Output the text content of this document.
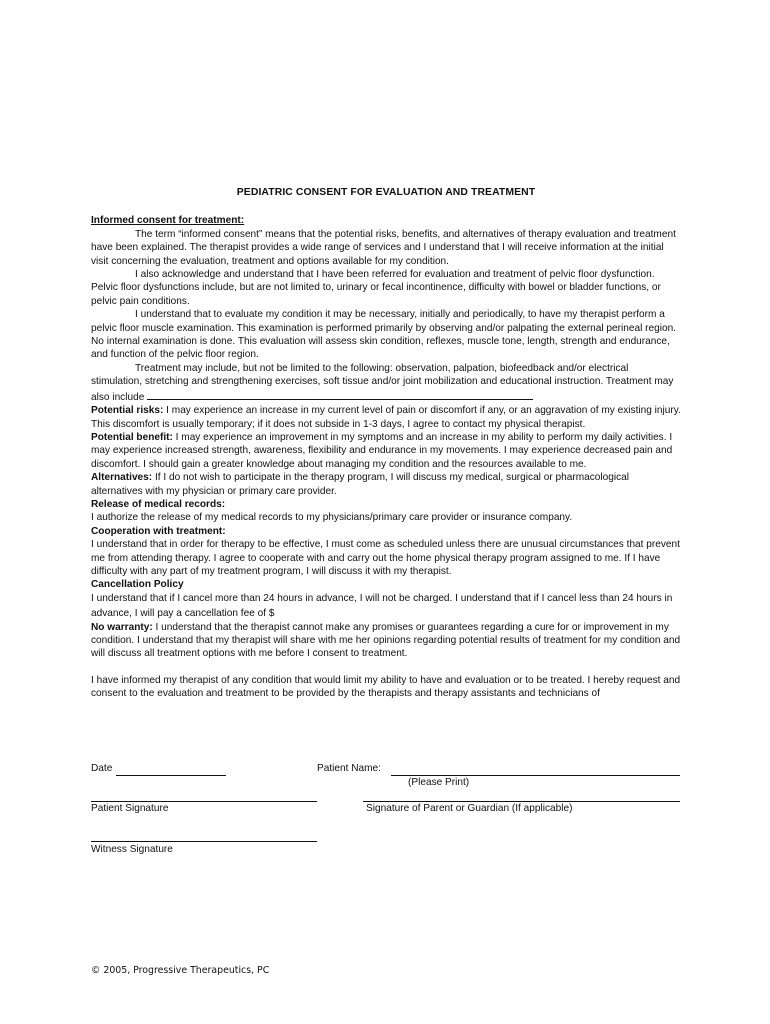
PEDIATRIC CONSENT FOR EVALUATION AND TREATMENT

Informed consent for treatment:

The term “informed consent” means that the potential risks, benefits, and alternatives of therapy evaluation and treatment have been explained. The therapist provides a wide range of services and I understand that I will receive information at the initial visit concerning the evaluation, treatment and options available for my condition.

I also acknowledge and understand that I have been referred for evaluation and treatment of pelvic floor dysfunction. Pelvic floor dysfunctions include, but are not limited to, urinary or fecal incontinence, difficulty with bowel or bladder functions, or pelvic pain conditions.

I understand that to evaluate my condition it may be necessary, initially and periodically, to have my therapist perform a pelvic floor muscle examination. This examination is performed primarily by observing and/or palpating the external perineal region. No internal examination is done. This evaluation will assess skin condition, reflexes, muscle tone, length, strength and endurance, and function of the pelvic floor region.

Treatment may include, but not be limited to the following: observation, palpation, biofeedback and/or electrical stimulation, stretching and strengthening exercises, soft tissue and/or joint mobilization and educational instruction. Treatment may also include

Potential risks: I may experience an increase in my current level of pain or discomfort if any, or an aggravation of my existing injury. This discomfort is usually temporary; if it does not subside in 1-3 days, I agree to contact my physical therapist.

Potential benefit: I may experience an improvement in my symptoms and an increase in my ability to perform my daily activities. I may experience increased strength, awareness, flexibility and endurance in my movements. I may experience decreased pain and discomfort. I should gain a greater knowledge about managing my condition and the resources available to me.

Alternatives: If I do not wish to participate in the therapy program, I will discuss my medical, surgical or pharmacological alternatives with my physician or primary care provider.

Release of medical records:

I authorize the release of my medical records to my physicians/primary care provider or insurance company.

Cooperation with treatment:

I understand that in order for therapy to be effective, I must come as scheduled unless there are unusual circumstances that prevent me from attending therapy. I agree to cooperate with and carry out the home physical therapy program assigned to me. If I have difficulty with any part of my treatment program, I will discuss it with my therapist.

Cancellation Policy

I understand that if I cancel more than 24 hours in advance, I will not be charged. I understand that if I cancel less than 24 hours in advance, I will pay a cancellation fee of $

No warranty: I understand that the therapist cannot make any promises or guarantees regarding a cure for or improvement in my condition. I understand that my therapist will share with me her opinions regarding potential results of treatment for my condition and will discuss all treatment options with me before I consent to treatment.

I have informed my therapist of any condition that would limit my ability to have and evaluation or to be treated. I hereby request and consent to the evaluation and treatment to be provided by the therapists and therapy assistants and technicians of

Date	Patient Name:
(Please Print)
Patient Signature	Signature of Parent or Guardian (If applicable)
Witness Signature
© 2005, Progressive Therapeutics, PC
